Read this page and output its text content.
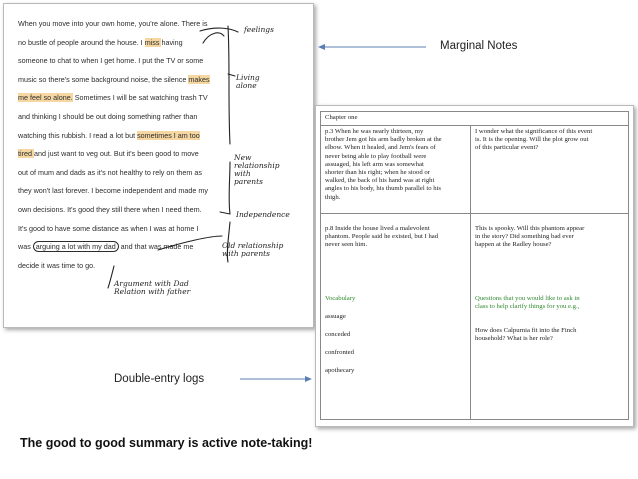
When you move into your own home, you're alone. There is
no bustle of people around the house. I miss having
someone to chat to when I get home. I put the TV or some
music so there's some background noise, the silence makes
me feel so alone. Sometimes I will be sat watching trash TV
and thinking I should be out doing something rather than
watching this rubbish. I read a lot but sometimes I am too
tired and just want to veg out. But it's been good to move
out of mum and dads as it's not healthy to rely on them as
they won't last forever. I become independent and made my
own decisions. It's good they still there when I need them.
It's good to have some distance as when I was at home I
was arguing a lot with my dad and that was made me
decide it was time to go.
feelings
Living
alone
New
relationship
with
parents
Independence
Old relationship
with parents
Argument with Dad
Relation with father
Marginal Notes
Chapter one
p.3 When he was nearly thirteen, my
brother Jem got his arm badly broken at the
elbow. When it healed, and Jem's fears of
never being able to play football were
assuaged, his left arm was somewhat
shorter than his right; when he stood or
walked, the back of his hand was at right
angles to his body, his thumb parallel to his
thigh.
I wonder what the significance of this event
is. It is the opening. Will the plot grow out
of this particular event?
p.8 Inside the house lived a malevolent
phantom. People said he existed, but I had
never seen him.
This is spooky. Will this phantom appear
in the story? Did something bad ever
happen at the Radley house?
Vocabulary
assuage
conceded
confronted
apothecary
Questions that you would like to ask in
class to help clarify things for you e.g.,
How does Calpurnia fit into the Finch
household? What is her role?
Double-entry logs
The good to good summary is active note-taking!
